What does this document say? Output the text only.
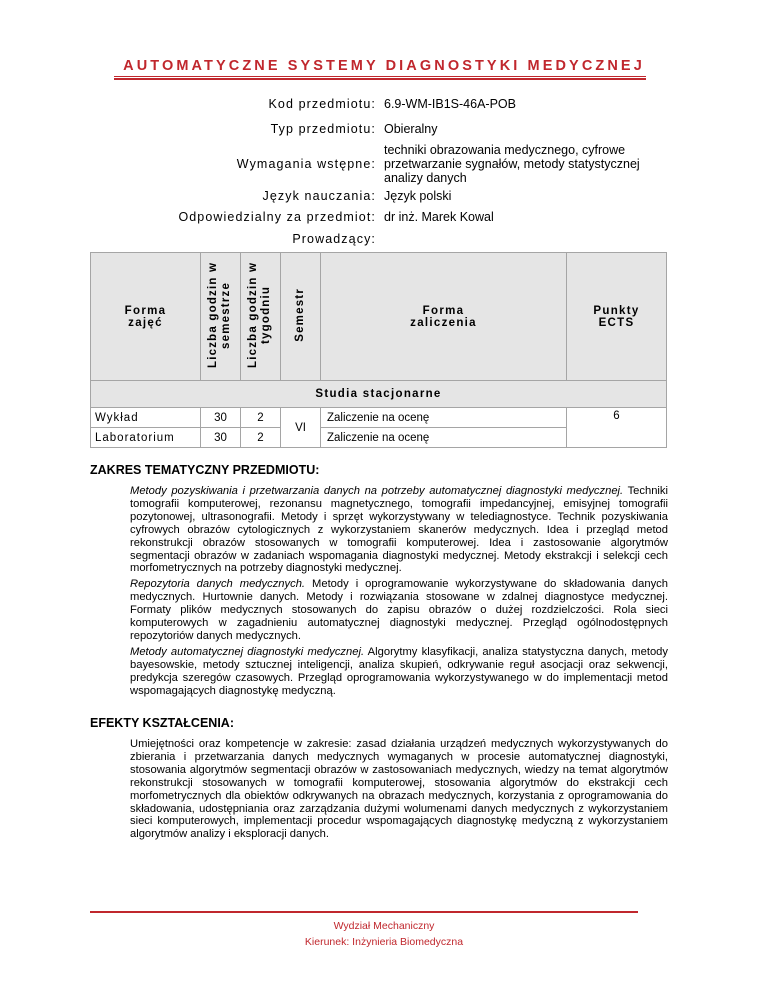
AUTOMATYCZNE SYSTEMY DIAGNOSTYKI MEDYCZNEJ
Kod przedmiotu: 6.9-WM-IB1S-46A-POB
Typ przedmiotu: Obieralny
Wymagania wstępne:
techniki obrazowania medycznego, cyfrowe przetwarzanie sygnałów, metody statystycznej analizy danych
Język nauczania: Język polski
Odpowiedzialny za przedmiot: dr inż. Marek Kowal
Prowadzący:
Forma zajęć	Liczba godzin w semestrze	Liczba godzin w tygodniu	Semestr	Forma zaliczenia	Punkty ECTS

Studia stacjonarne					
Wykład	30	2	VI	Zaliczenie na ocenę	6
Laboratorium	30	2		Zaliczenie na ocenę	
ZAKRES TEMATYCZNY PRZEDMIOTU:

Metody pozyskiwania i przetwarzania danych na potrzeby automatycznej diagnostyki medycznej. Techniki tomografii komputerowej, rezonansu magnetycznego, tomografii impedancyjnej, emisyjnej tomografii pozytonowej, ultrasonografii. Metody i sprzęt wykorzystywany w telediagnostyce. Technik pozyskiwania cyfrowych obrazów cytologicznych z wykorzystaniem skanerów medycznych. Idea i przegląd metod rekonstrukcji obrazów stosowanych w tomografii komputerowej. Idea i zastosowanie algorytmów segmentacji obrazów w zadaniach wspomagania diagnostyki medycznej. Metody ekstrakcji i selekcji cech morfometrycznych na potrzeby diagnostyki medycznej.

Repozytoria danych medycznych. Metody i oprogramowanie wykorzystywane do składowania danych medycznych. Hurtownie danych. Metody i rozwiązania stosowane w zdalnej diagnostyce medycznej. Formaty plików medycznych stosowanych do zapisu obrazów o dużej rozdzielczości. Rola sieci komputerowych w zagadnieniu automatycznej diagnostyki medycznej. Przegląd ogólnodostępnych repozytoriów danych medycznych.

Metody automatycznej diagnostyki medycznej. Algorytmy klasyfikacji, analiza statystyczna danych, metody bayesowskie, metody sztucznej inteligencji, analiza skupień, odkrywanie reguł asocjacji oraz sekwencji, predykcja szeregów czasowych. Przegląd oprogramowania wykorzystywanego w do implementacji metod wspomagających diagnostykę medyczną.

EFEKTY KSZTAŁCENIA:

Umiejętności oraz kompetencje w zakresie: zasad działania urządzeń medycznych wykorzystywanych do zbierania i przetwarzania danych medycznych wymaganych w procesie automatycznej diagnostyki, stosowania algorytmów segmentacji obrazów w zastosowaniach medycznych, wiedzy na temat algorytmów rekonstrukcji stosowanych w tomografii komputerowej, stosowania algorytmów do ekstrakcji cech morfometrycznych dla obiektów odkrywanych na obrazach medycznych, korzystania z oprogramowania do składowania, udostępniania oraz zarządzania dużymi wolumenami danych medycznych z wykorzystaniem sieci komputerowych, implementacji procedur wspomagających diagnostykę medyczną z wykorzystaniem algorytmów analizy i eksploracji danych.

Wydział Mechaniczny
Kierunek: Inżynieria Biomedyczna
